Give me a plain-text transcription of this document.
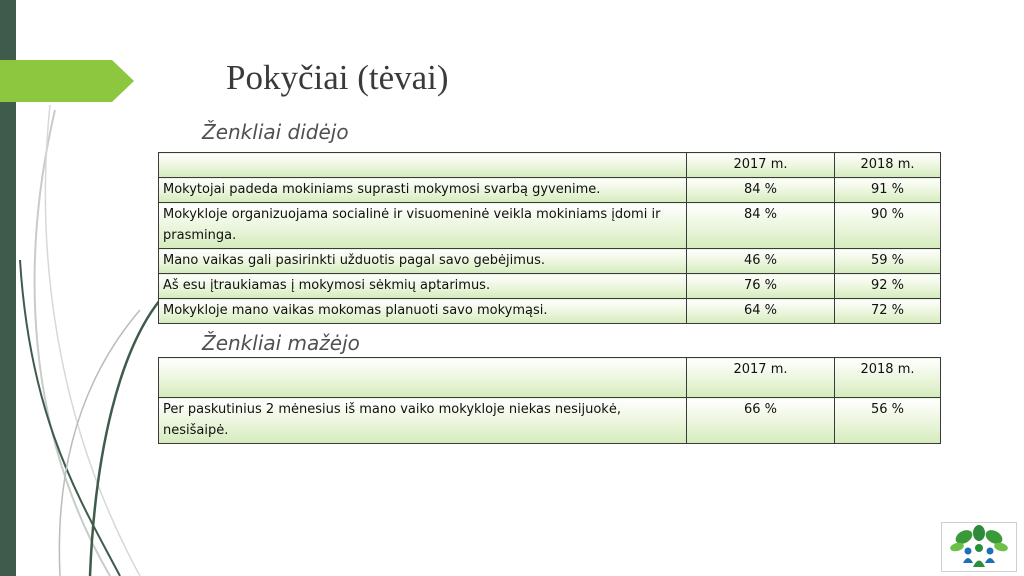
Pokyčiai (tėvai)
Ženkliai didėjo
	2017 m.	2018 m.
Mokytojai padeda mokiniams suprasti mokymosi svarbą gyvenime.	84 %	91 %
Mokykloje organizuojama socialinė ir visuomeninė veikla mokiniams įdomi ir prasminga.	84 %	90 %
Mano vaikas gali pasirinkti užduotis pagal savo gebėjimus.	46 %	59 %
Aš esu įtraukiamas į mokymosi sėkmių aptarimus.	76 %	92 %
Mokykloje mano vaikas mokomas planuoti savo mokymąsi.	64 %	72 %
Ženkliai mažėjo
	2017 m.	2018 m.
Per paskutinius 2 mėnesius iš mano vaiko mokykloje niekas nesijuokė, nesišaipė.	66 %	56 %
